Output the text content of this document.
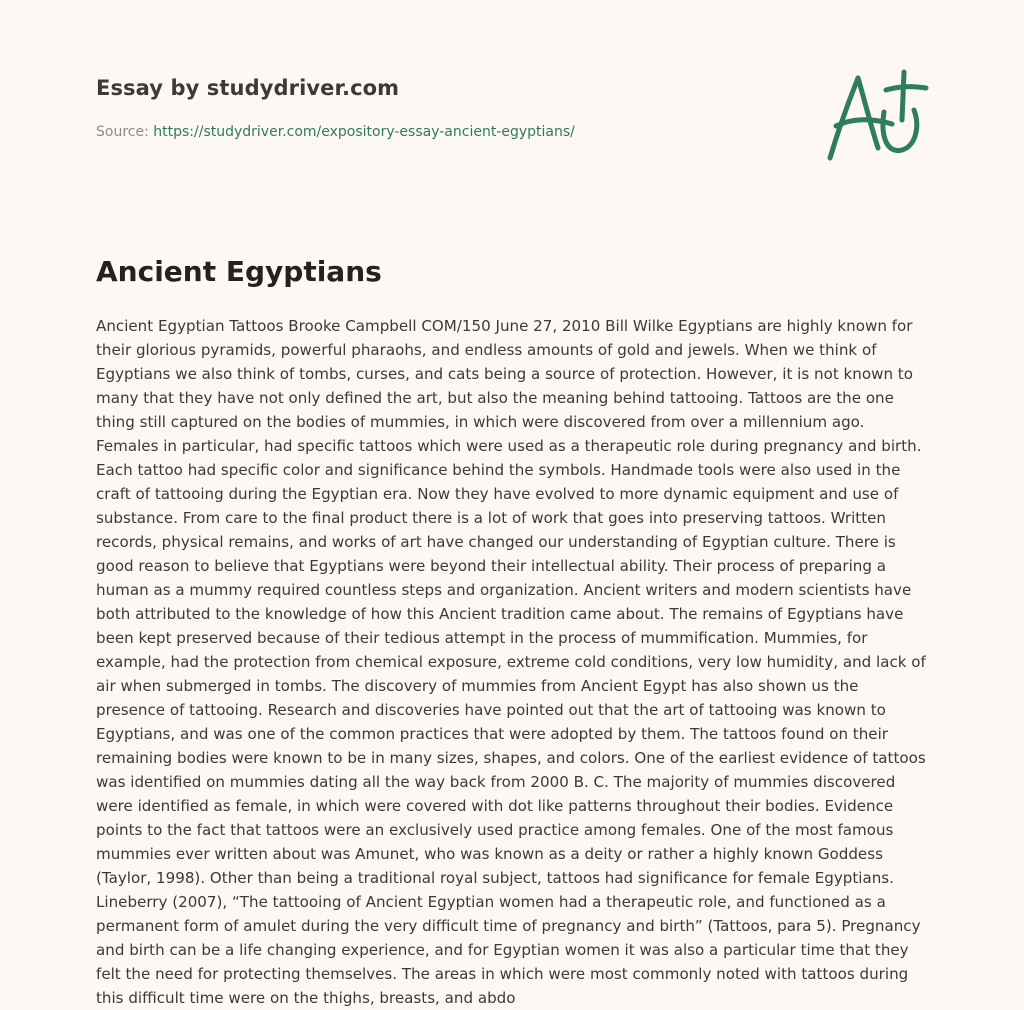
Essay by studydriver.com
Source: https://studydriver.com/expository-essay-ancient-egyptians/
Ancient Egyptians

Ancient Egyptian Tattoos Brooke Campbell COM/150 June 27, 2010 Bill Wilke Egyptians are highly known for their glorious pyramids, powerful pharaohs, and endless amounts of gold and jewels. When we think of Egyptians we also think of tombs, curses, and cats being a source of protection. However, it is not known to many that they have not only defined the art, but also the meaning behind tattooing. Tattoos are the one thing still captured on the bodies of mummies, in which were discovered from over a millennium ago. Females in particular, had specific tattoos which were used as a therapeutic role during pregnancy and birth. Each tattoo had specific color and significance behind the symbols. Handmade tools were also used in the craft of tattooing during the Egyptian era. Now they have evolved to more dynamic equipment and use of substance. From care to the final product there is a lot of work that goes into preserving tattoos. Written records, physical remains, and works of art have changed our understanding of Egyptian culture. There is good reason to believe that Egyptians were beyond their intellectual ability. Their process of preparing a human as a mummy required countless steps and organization. Ancient writers and modern scientists have both attributed to the knowledge of how this Ancient tradition came about. The remains of Egyptians have been kept preserved because of their tedious attempt in the process of mummification. Mummies, for example, had the protection from chemical exposure, extreme cold conditions, very low humidity, and lack of air when submerged in tombs. The discovery of mummies from Ancient Egypt has also shown us the presence of tattooing. Research and discoveries have pointed out that the art of tattooing was known to Egyptians, and was one of the common practices that were adopted by them. The tattoos found on their remaining bodies were known to be in many sizes, shapes, and colors. One of the earliest evidence of tattoos was identified on mummies dating all the way back from 2000 B. C. The majority of mummies discovered were identified as female, in which were covered with dot like patterns throughout their bodies. Evidence points to the fact that tattoos were an exclusively used practice among females. One of the most famous mummies ever written about was Amunet, who was known as a deity or rather a highly known Goddess (Taylor, 1998). Other than being a traditional royal subject, tattoos had significance for female Egyptians. Lineberry (2007), “The tattooing of Ancient Egyptian women had a therapeutic role, and functioned as a permanent form of amulet during the very difficult time of pregnancy and birth” (Tattoos, para 5). Pregnancy and birth can be a life changing experience, and for Egyptian women it was also a particular time that they felt the need for protecting themselves. The areas in which were most commonly noted with tattoos during this difficult time were on the thighs, breasts, and abdo
